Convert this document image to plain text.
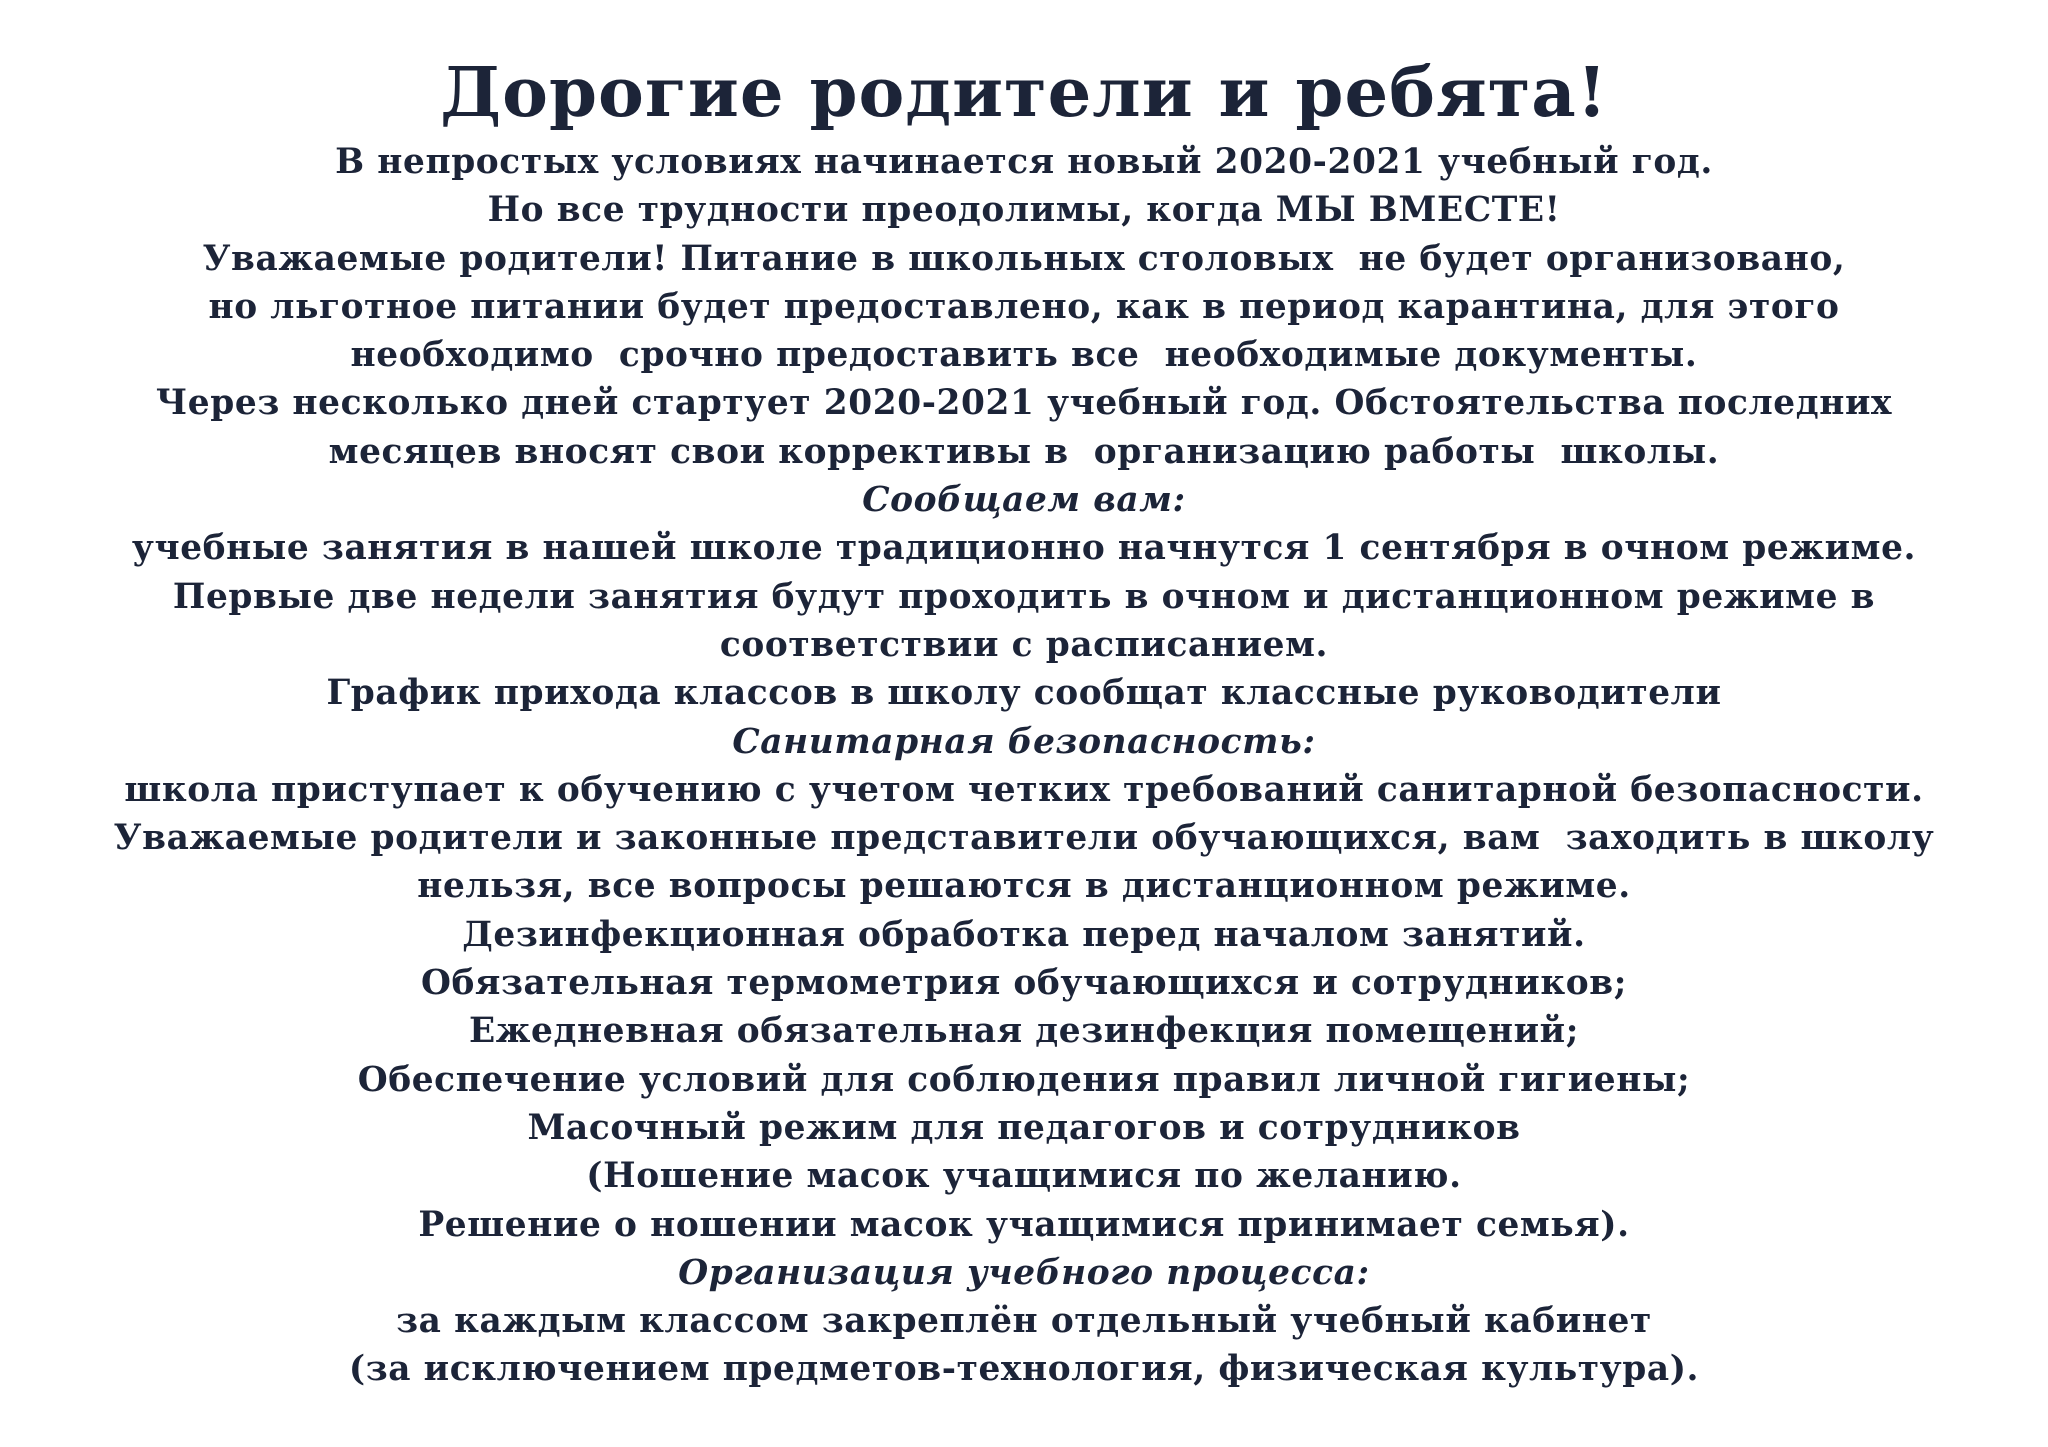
Дорогие родители и ребята!
В непростых условиях начинается новый 2020-2021 учебный год.
Но все трудности преодолимы, когда МЫ ВМЕСТЕ!
Уважаемые родители! Питание в школьных столовых  не будет организовано,
но льготное питании будет предоставлено, как в период карантина, для этого
необходимо  срочно предоставить все  необходимые документы.
Через несколько дней стартует 2020-2021 учебный год. Обстоятельства последних
месяцев вносят свои коррективы в  организацию работы  школы.
Сообщаем вам:
учебные занятия в нашей школе традиционно начнутся 1 сентября в очном режиме.
Первые две недели занятия будут проходить в очном и дистанционном режиме в
соответствии с расписанием.
График прихода классов в школу сообщат классные руководители
Санитарная безопасность:
школа приступает к обучению с учетом четких требований санитарной безопасности.
Уважаемые родители и законные представители обучающихся, вам  заходить в школу
нельзя, все вопросы решаются в дистанционном режиме.
Дезинфекционная обработка перед началом занятий.
Обязательная термометрия обучающихся и сотрудников;
Ежедневная обязательная дезинфекция помещений;
Обеспечение условий для соблюдения правил личной гигиены;
Масочный режим для педагогов и сотрудников
(Ношение масок учащимися по желанию.
Решение о ношении масок учащимися принимает семья).
Организация учебного процесса:
за каждым классом закреплён отдельный учебный кабинет
(за исключением предметов-технология, физическая культура).
